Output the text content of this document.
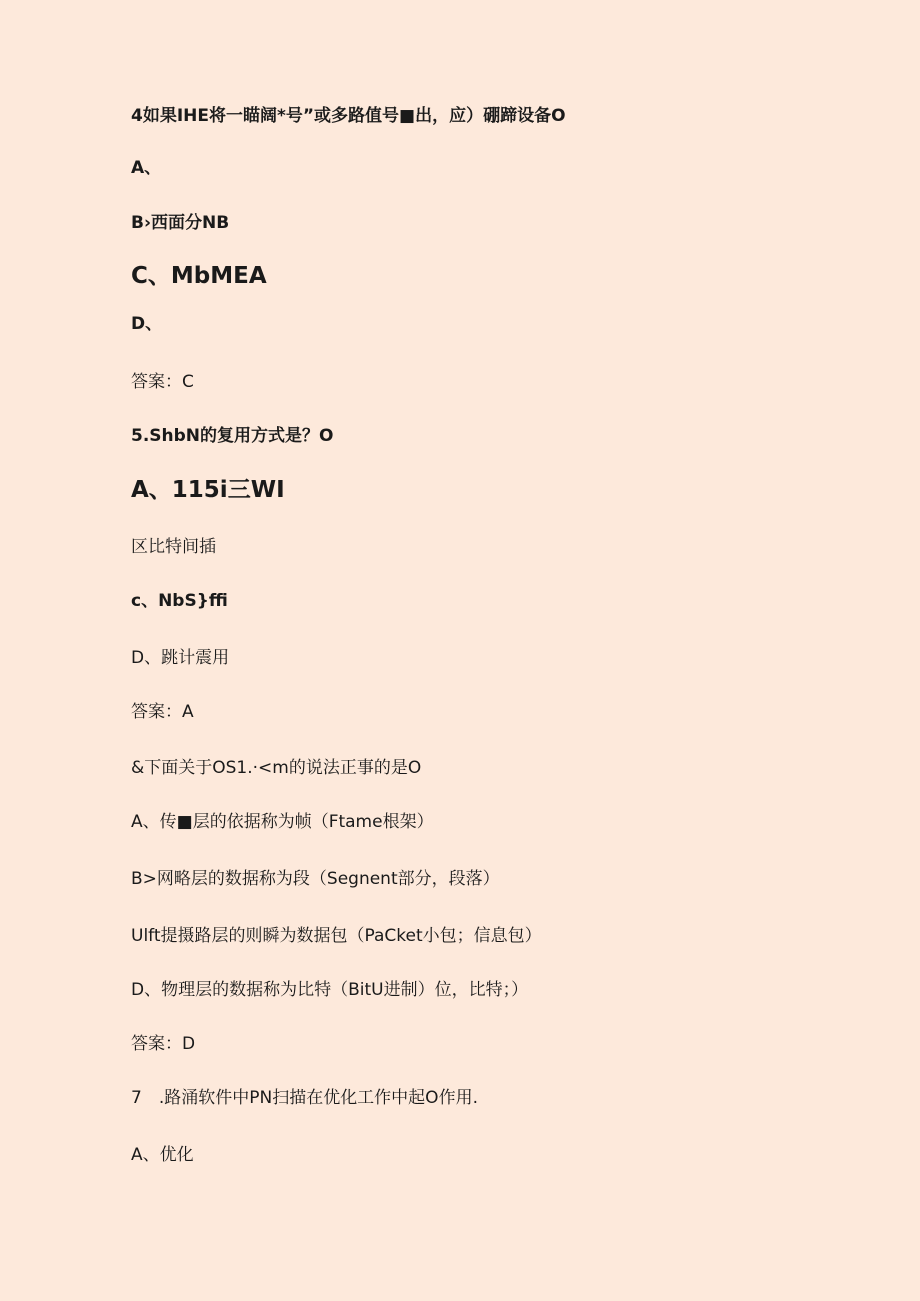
4如果IHE将一瞄阔*号”或多路值号■出，应）硼蹄设备O
A、
B›西面分NB
C、MbMEA
D、
答案：C
5.ShbN的复用方式是？O
A、115i三WI
区比特间插
c、NbS}ffi
D、跳计震用
答案：A
&下面关于OS1.·<m的说法正事的是O
A、传■层的依据称为帧（Ftame根架）
B>网略层的数据称为段（Segnent部分，段落）
Ulft提摄路层的则瞬为数据包（PaCket小包；信息包）
D、物理层的数据称为比特（BitU进制）位，比特；）
答案：D
7　.路涌软件中PN扫描在优化工作中起O作用.
A、优化
